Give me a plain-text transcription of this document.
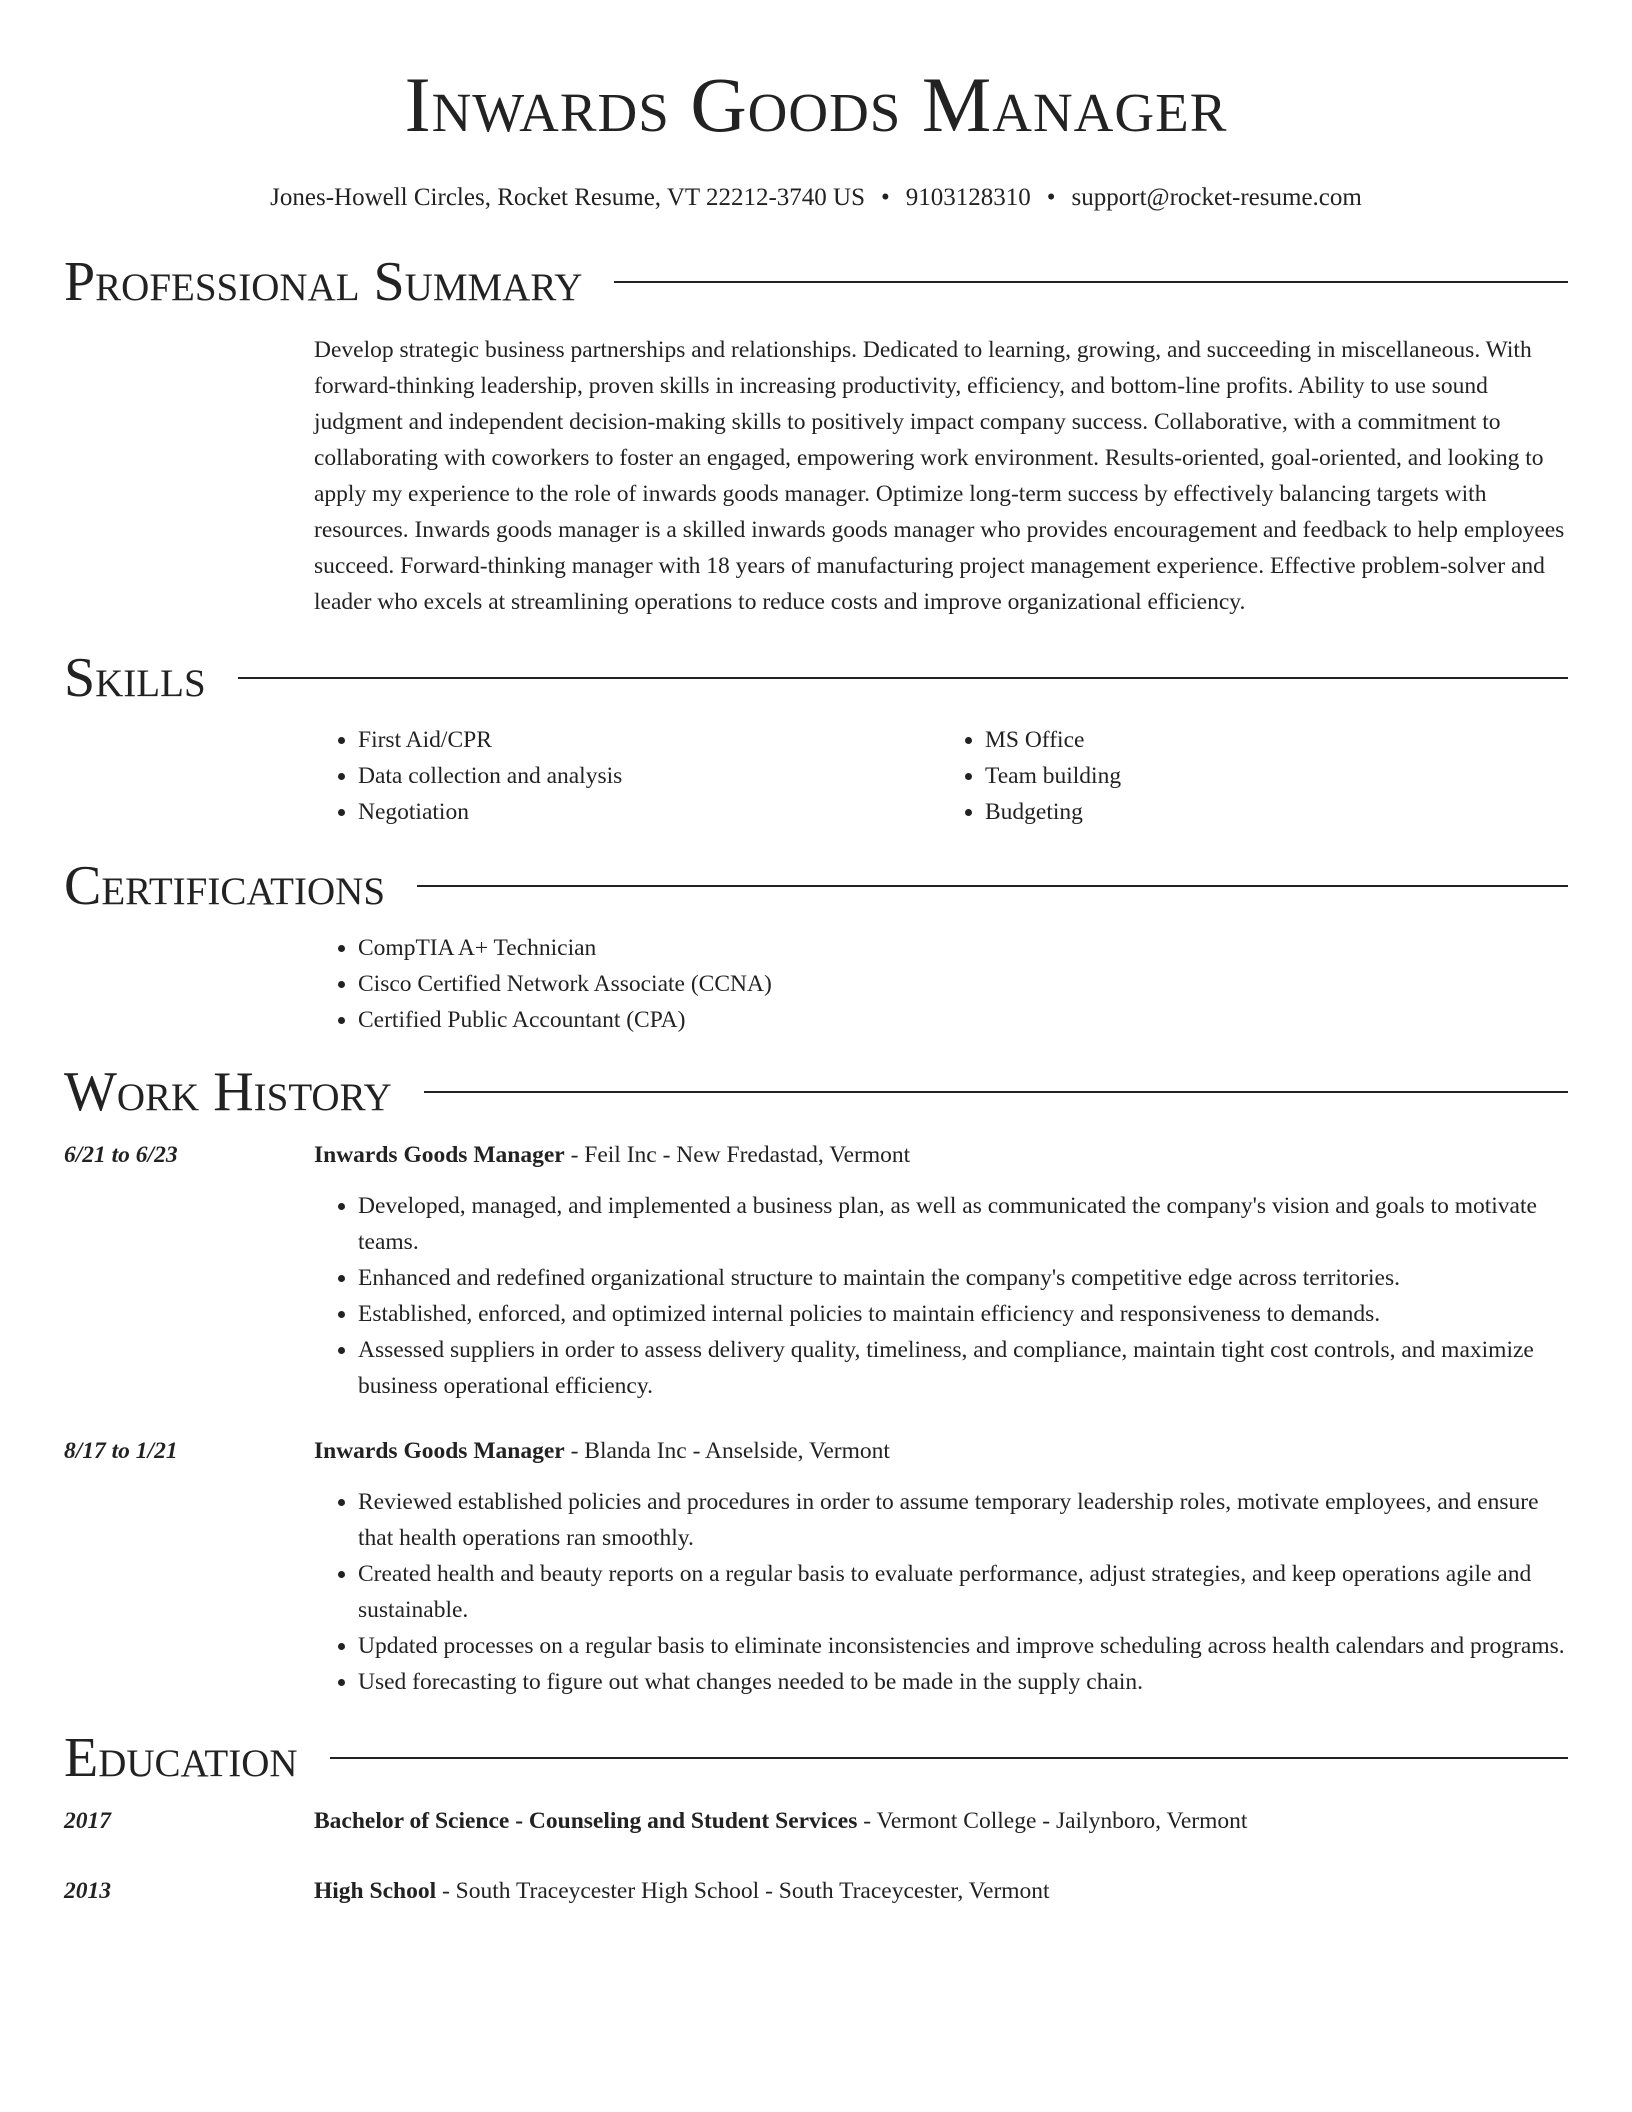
Inwards Goods Manager
Jones-Howell Circles, Rocket Resume, VT 22212-3740 US • 9103128310 • support@rocket-resume.com
Professional Summary
Develop strategic business partnerships and relationships. Dedicated to learning, growing, and succeeding in miscellaneous. With forward-thinking leadership, proven skills in increasing productivity, efficiency, and bottom-line profits. Ability to use sound judgment and independent decision-making skills to positively impact company success. Collaborative, with a commitment to collaborating with coworkers to foster an engaged, empowering work environment. Results-oriented, goal-oriented, and looking to apply my experience to the role of inwards goods manager. Optimize long-term success by effectively balancing targets with resources. Inwards goods manager is a skilled inwards goods manager who provides encouragement and feedback to help employees succeed. Forward-thinking manager with 18 years of manufacturing project management experience. Effective problem-solver and leader who excels at streamlining operations to reduce costs and improve organizational efficiency.
Skills
• First Aid/CPR
• Data collection and analysis
• Negotiation
• MS Office
• Team building
• Budgeting
Certifications
• CompTIA A+ Technician
• Cisco Certified Network Associate (CCNA)
• Certified Public Accountant (CPA)
Work History
6/21 to 6/23	Inwards Goods Manager - Feil Inc - New Fredastad, Vermont
• Developed, managed, and implemented a business plan, as well as communicated the company's vision and goals to motivate teams.
• Enhanced and redefined organizational structure to maintain the company's competitive edge across territories.
• Established, enforced, and optimized internal policies to maintain efficiency and responsiveness to demands.
• Assessed suppliers in order to assess delivery quality, timeliness, and compliance, maintain tight cost controls, and maximize business operational efficiency.
8/17 to 1/21	Inwards Goods Manager - Blanda Inc - Anselside, Vermont
• Reviewed established policies and procedures in order to assume temporary leadership roles, motivate employees, and ensure that health operations ran smoothly.
• Created health and beauty reports on a regular basis to evaluate performance, adjust strategies, and keep operations agile and sustainable.
• Updated processes on a regular basis to eliminate inconsistencies and improve scheduling across health calendars and programs.
• Used forecasting to figure out what changes needed to be made in the supply chain.
Education
2017	Bachelor of Science - Counseling and Student Services - Vermont College - Jailynboro, Vermont
2013	High School - South Traceycester High School - South Traceycester, Vermont
